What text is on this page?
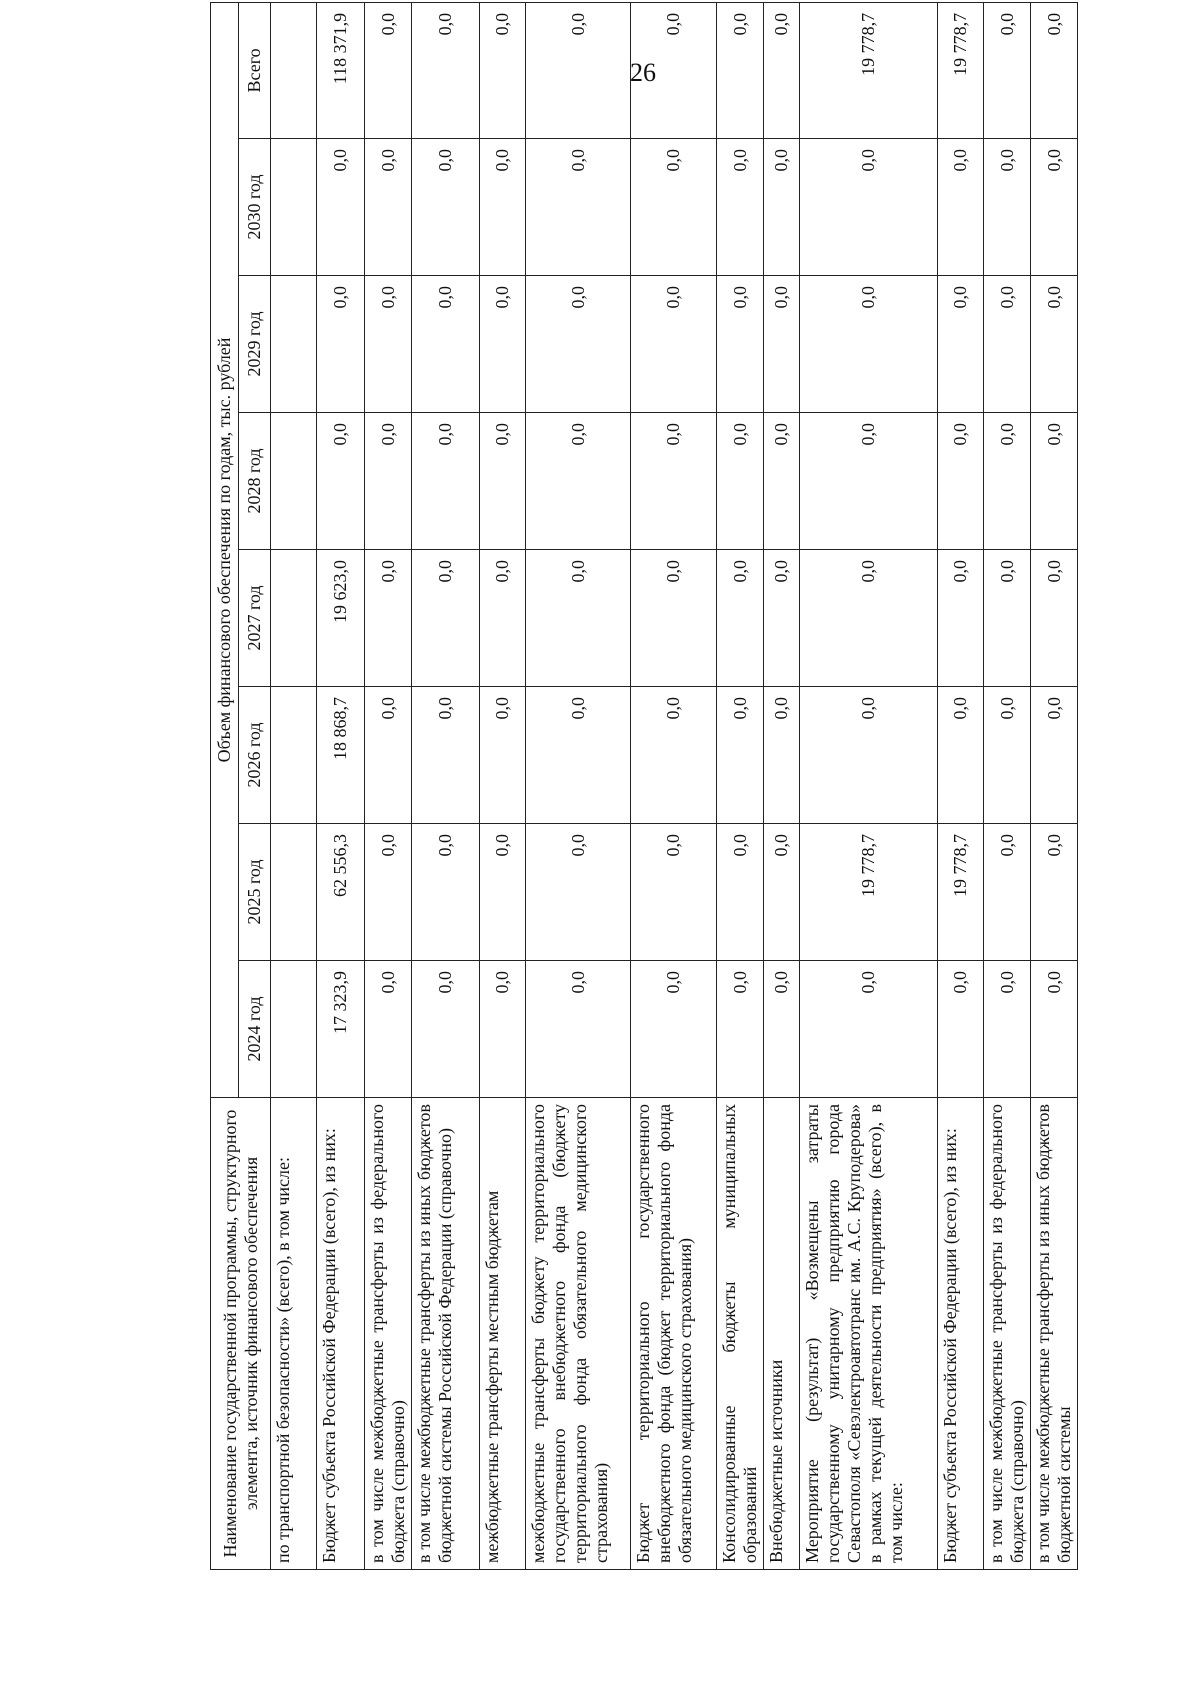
26
Наименование государственной программы, структурного элемента, источник финансового обеспечения	Объем финансового обеспечения по годам, тыс. рублей							
	2024 год	2025 год	2026 год	2027 год	2028 год	2029 год	2030 год	Всего
по транспортной безопасности» (всего), в том числе:								
Бюджет субъекта Российской Федерации (всего), из них:	17 323,9	62 556,3	18 868,7	19 623,0	0,0	0,0	0,0	118 371,9
в том числе межбюджетные трансферты из федерального бюджета (справочно)	0,0	0,0	0,0	0,0	0,0	0,0	0,0	0,0
в том числе межбюджетные трансферты из иных бюджетов бюджетной системы Российской Федерации (справочно)	0,0	0,0	0,0	0,0	0,0	0,0	0,0	0,0
межбюджетные трансферты местным бюджетам	0,0	0,0	0,0	0,0	0,0	0,0	0,0	0,0
межбюджетные трансферты бюджету территориального государственного внебюджетного фонда (бюджету территориального фонда обязательного медицинского страхования)	0,0	0,0	0,0	0,0	0,0	0,0	0,0	0,0
Бюджет территориального государственного внебюджетного фонда (бюджет территориального фонда обязательного медицинского страхования)	0,0	0,0	0,0	0,0	0,0	0,0	0,0	0,0
Консолидированные бюджеты муниципальных образований	0,0	0,0	0,0	0,0	0,0	0,0	0,0	0,0
Внебюджетные источники	0,0	0,0	0,0	0,0	0,0	0,0	0,0	0,0
Мероприятие (результат) «Возмещены затраты государственному унитарному предприятию города Севастополя «Севэлектроавтотранс им. А.С. Круподерова» в рамках текущей деятельности предприятия» (всего), в том числе:	0,0	19 778,7	0,0	0,0	0,0	0,0	0,0	19 778,7
Бюджет субъекта Российской Федерации (всего), из них:	0,0	19 778,7	0,0	0,0	0,0	0,0	0,0	19 778,7
в том числе межбюджетные трансферты из федерального бюджета (справочно)	0,0	0,0	0,0	0,0	0,0	0,0	0,0	0,0
в том числе межбюджетные трансферты из иных бюджетов бюджетной системы	0,0	0,0	0,0	0,0	0,0	0,0	0,0	0,0
